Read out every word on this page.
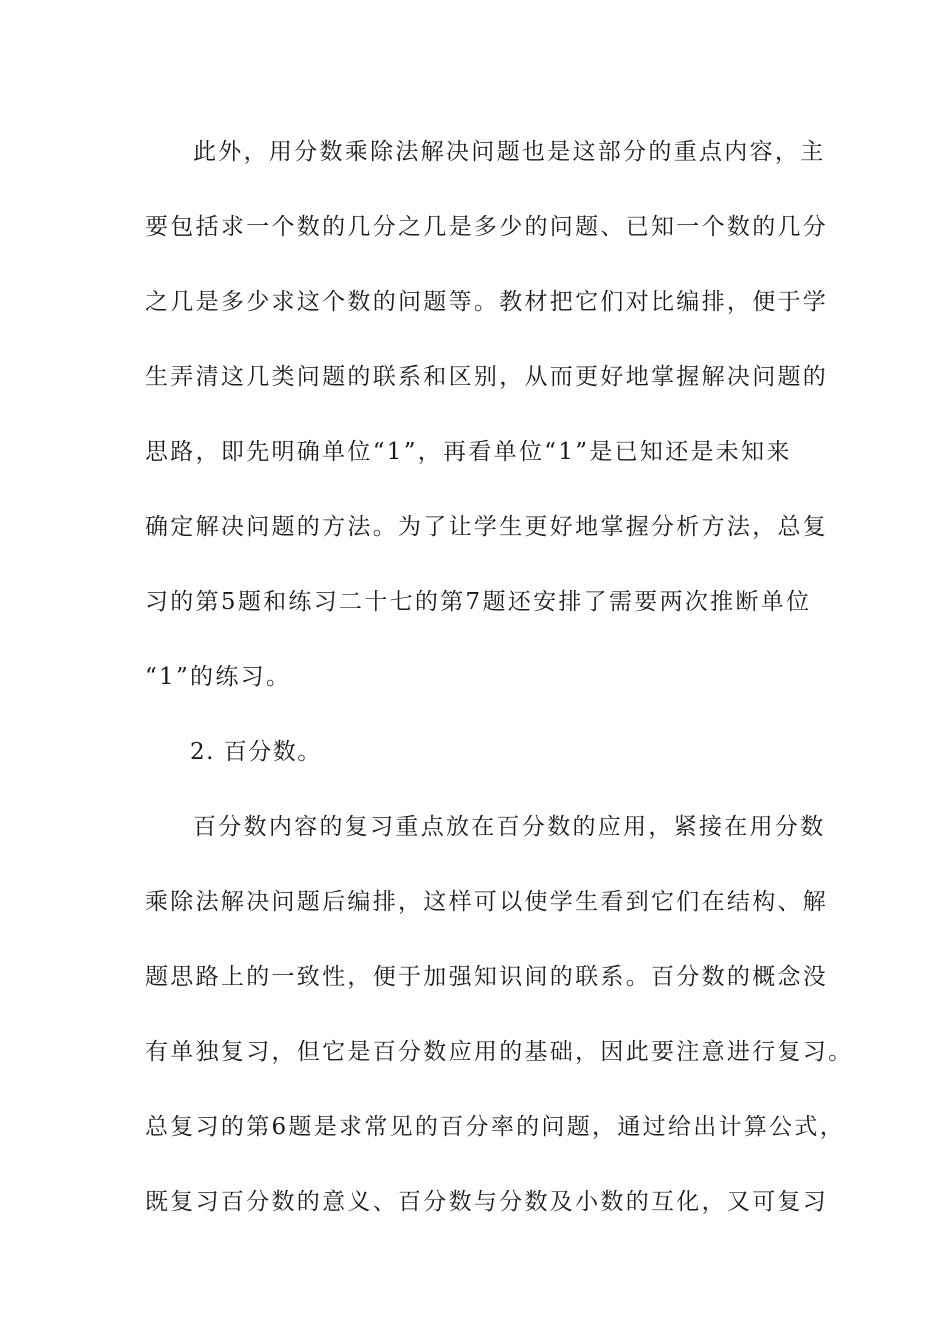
此外，用分数乘除法解决问题也是这部分的重点内容，主
要包括求一个数的几分之几是多少的问题、已知一个数的几分
之几是多少求这个数的问题等。教材把它们对比编排，便于学
生弄清这几类问题的联系和区别，从而更好地掌握解决问题的
思路，即先明确单位“1”，再看单位“1”是已知还是未知来
确定解决问题的方法。为了让学生更好地掌握分析方法，总复
习的第5题和练习二十七的第7题还安排了需要两次推断单位
“1”的练习。
2. 百分数。
百分数内容的复习重点放在百分数的应用，紧接在用分数
乘除法解决问题后编排，这样可以使学生看到它们在结构、解
题思路上的一致性，便于加强知识间的联系。百分数的概念没
有单独复习，但它是百分数应用的基础，因此要注意进行复习。
总复习的第6题是求常见的百分率的问题，通过给出计算公式，
既复习百分数的意义、百分数与分数及小数的互化，又可复习
